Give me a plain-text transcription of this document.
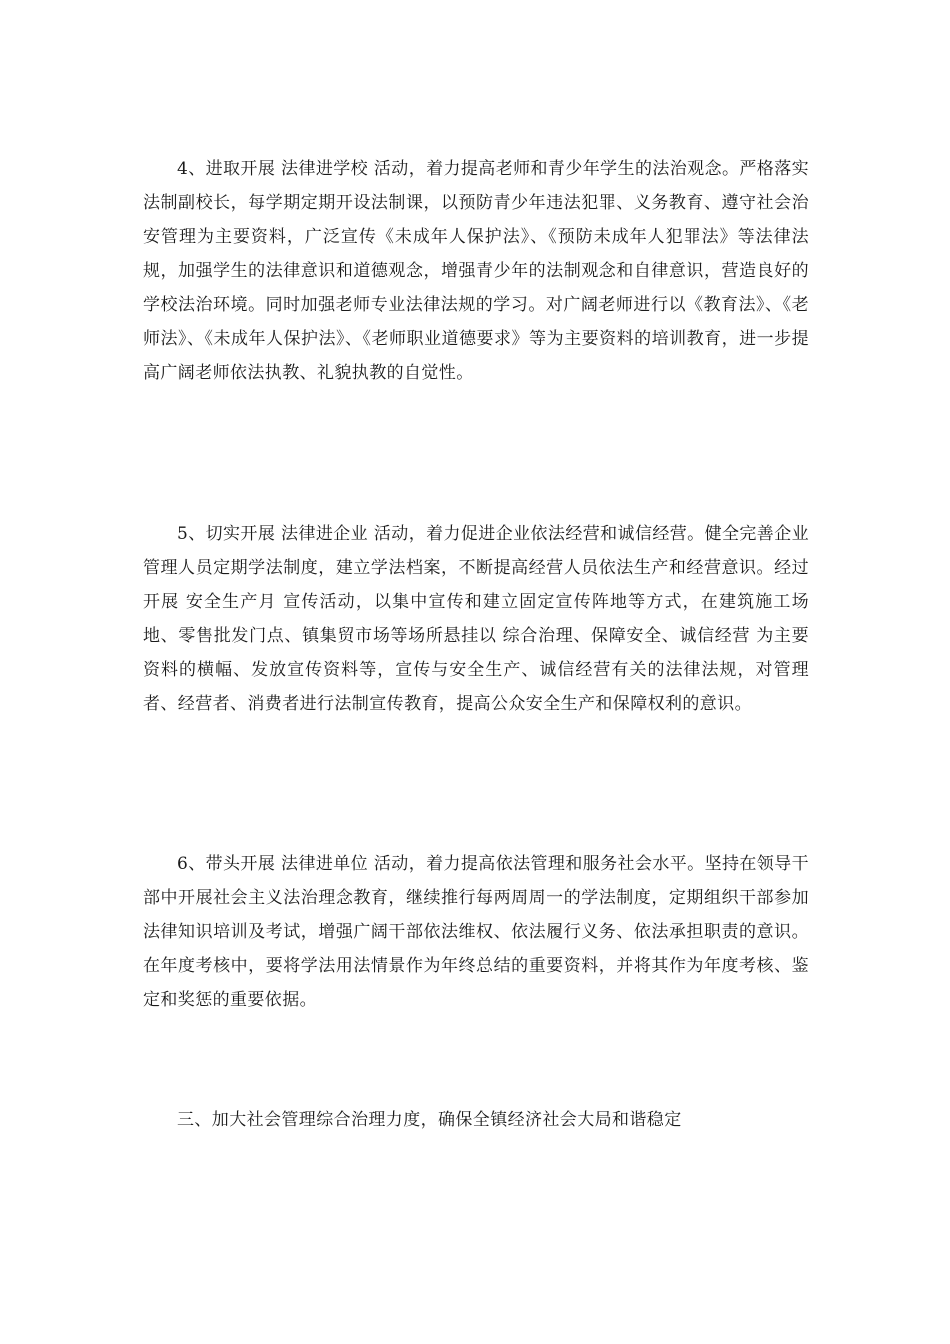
4、进取开展 法律进学校 活动，着力提高老师和青少年学生的法治观念。严格落实法制副校长，每学期定期开设法制课，以预防青少年违法犯罪、义务教育、遵守社会治安管理为主要资料，广泛宣传《未成年人保护法》、《预防未成年人犯罪法》等法律法规，加强学生的法律意识和道德观念，增强青少年的法制观念和自律意识，营造良好的学校法治环境。同时加强老师专业法律法规的学习。对广阔老师进行以《教育法》、《老师法》、《未成年人保护法》、《老师职业道德要求》等为主要资料的培训教育，进一步提高广阔老师依法执教、礼貌执教的自觉性。

5、切实开展 法律进企业 活动，着力促进企业依法经营和诚信经营。健全完善企业管理人员定期学法制度，建立学法档案，不断提高经营人员依法生产和经营意识。经过开展 安全生产月 宣传活动，以集中宣传和建立固定宣传阵地等方式，在建筑施工场地、零售批发门点、镇集贸市场等场所悬挂以 综合治理、保障安全、诚信经营 为主要资料的横幅、发放宣传资料等，宣传与安全生产、诚信经营有关的法律法规，对管理者、经营者、消费者进行法制宣传教育，提高公众安全生产和保障权利的意识。

6、带头开展 法律进单位 活动，着力提高依法管理和服务社会水平。坚持在领导干部中开展社会主义法治理念教育，继续推行每两周周一的学法制度，定期组织干部参加法律知识培训及考试，增强广阔干部依法维权、依法履行义务、依法承担职责的意识。在年度考核中，要将学法用法情景作为年终总结的重要资料，并将其作为年度考核、鉴定和奖惩的重要依据。

三、加大社会管理综合治理力度，确保全镇经济社会大局和谐稳定
